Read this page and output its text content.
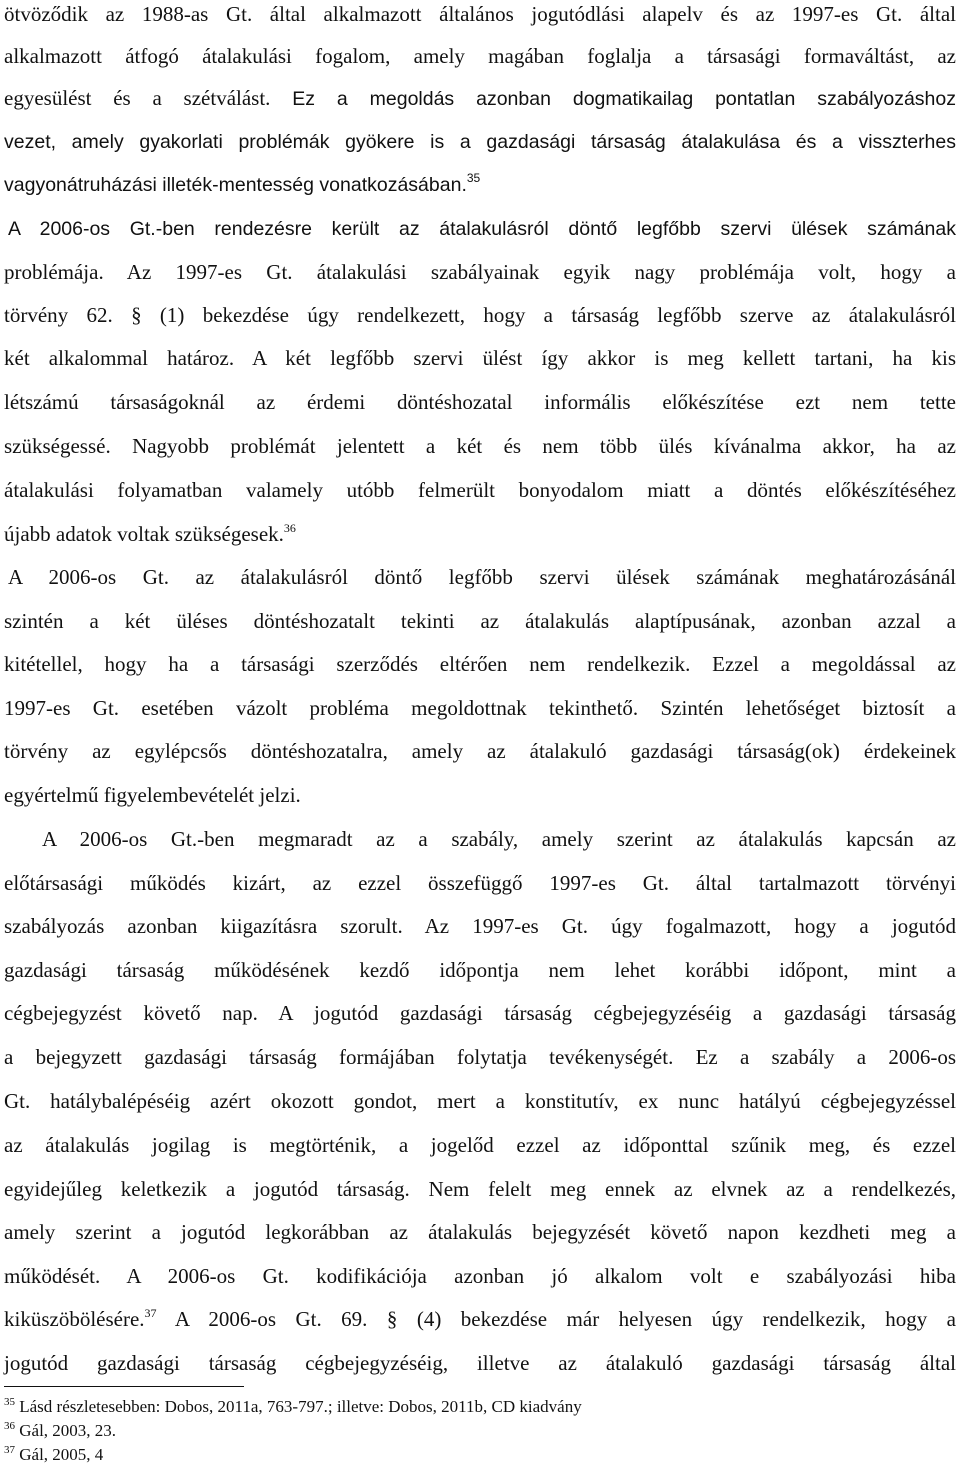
ötvöződik az 1988-as Gt. által alkalmazott általános jogutódlási alapelv és az 1997-es Gt. által
alkalmazott átfogó átalakulási fogalom, amely magában foglalja a társasági formaváltást, az
egyesülést és a szétválást. Ez a megoldás azonban dogmatikailag pontatlan szabályozáshoz
vezet, amely gyakorlati problémák gyökere is a gazdasági társaság átalakulása és a visszterhes
vagyonátruházási illeték-mentesség vonatkozásában.$^{35}$
A 2006-os Gt.-ben rendezésre került az átalakulásról döntő legfőbb szervi ülések számának
problémája. Az 1997-es Gt. átalakulási szabályainak egyik nagy problémája volt, hogy a
törvény 62. § (1) bekezdése úgy rendelkezett, hogy a társaság legfőbb szerve az átalakulásról
két alkalommal határoz. A két legfőbb szervi ülést így akkor is meg kellett tartani, ha kis
létszámú társaságoknál az érdemi döntéshozatal informális előkészítése ezt nem tette
szükségessé. Nagyobb problémát jelentett a két és nem több ülés kívánalma akkor, ha az
átalakulási folyamatban valamely utóbb felmerült bonyodalom miatt a döntés előkészítéséhez
újabb adatok voltak szükségesek.$^{36}$
A 2006-os Gt. az átalakulásról döntő legfőbb szervi ülések számának meghatározásánál
szintén a két üléses döntéshozatalt tekinti az átalakulás alaptípusának, azonban azzal a
kitétellel, hogy ha a társasági szerződés eltérően nem rendelkezik. Ezzel a megoldással az
1997-es Gt. esetében vázolt probléma megoldottnak tekinthető. Szintén lehetőséget biztosít a
törvény az egylépcsős döntéshozatalra, amely az átalakuló gazdasági társaság(ok) érdekeinek
egyértelmű figyelembevételét jelzi.
A 2006-os Gt.-ben megmaradt az a szabály, amely szerint az átalakulás kapcsán az
előtársasági működés kizárt, az ezzel összefüggő 1997-es Gt. által tartalmazott törvényi
szabályozás azonban kiigazításra szorult. Az 1997-es Gt. úgy fogalmazott, hogy a jogutód
gazdasági társaság működésének kezdő időpontja nem lehet korábbi időpont, mint a
cégbejegyzést követő nap. A jogutód gazdasági társaság cégbejegyzéséig a gazdasági társaság
a bejegyzett gazdasági társaság formájában folytatja tevékenységét. Ez a szabály a 2006-os
Gt. hatálybalépéséig azért okozott gondot, mert a konstitutív, ex nunc hatályú cégbejegyzéssel
az átalakulás jogilag is megtörténik, a jogelőd ezzel az időponttal szűnik meg, és ezzel
egyidejűleg keletkezik a jogutód társaság. Nem felelt meg ennek az elvnek az a rendelkezés,
amely szerint a jogutód legkorábban az átalakulás bejegyzését követő napon kezdheti meg a
működését. A 2006-os Gt. kodifikációja azonban jó alkalom volt e szabályozási hiba
kiküszöbölésére.$^{37}$ A 2006-os Gt. 69. § (4) bekezdése már helyesen úgy rendelkezik, hogy a
jogutód gazdasági társaság cégbejegyzéséig, illetve az átalakuló gazdasági társaság által
$^{35}$ Lásd részletesebben: Dobos, 2011a, 763-797.; illetve: Dobos, 2011b, CD kiadvány
$^{36}$ Gál, 2003, 23.
$^{37}$ Gál, 2005, 4
